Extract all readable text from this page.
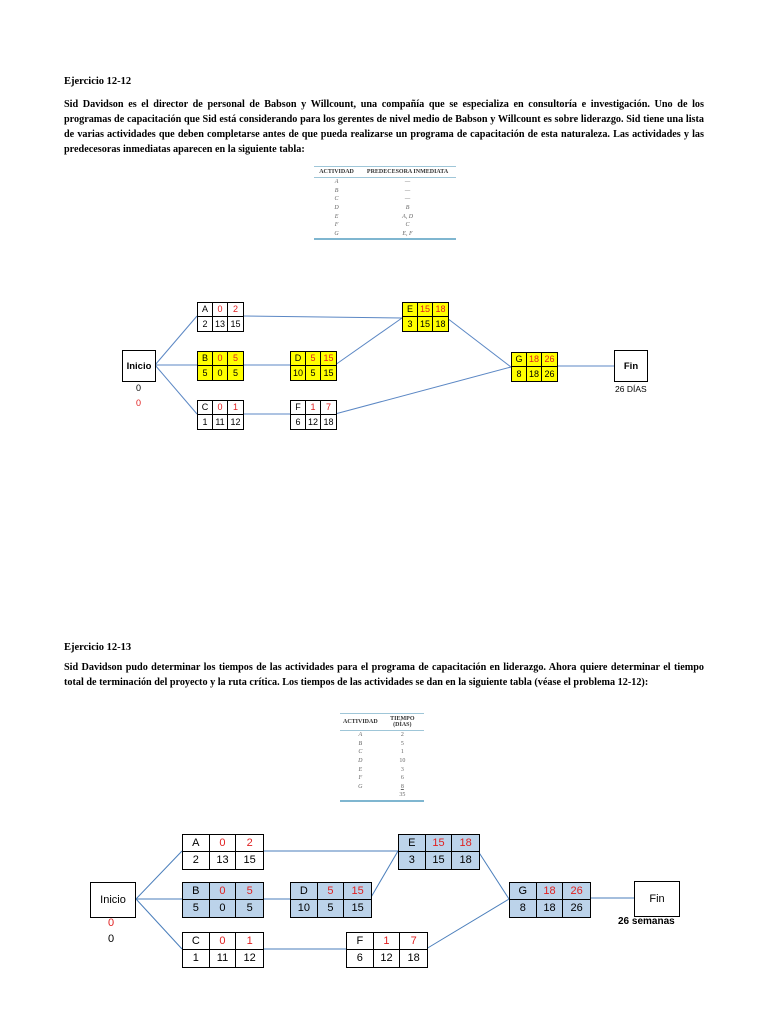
Ejercicio 12-12
Sid Davidson es el director de personal de Babson y Willcount, una compañía que se especializa en consultoría e investigación. Uno de los programas de capacitación que Sid está considerando para los gerentes de nivel medio de Babson y Willcount es sobre liderazgo. Sid tiene una lista de varias actividades que deben completarse antes de que pueda realizarse un programa de capacitación de esta naturaleza. Las actividades y las predecesoras inmediatas aparecen en la siguiente tabla:
ACTIVIDAD	PREDECESORA INMEDIATA
A	—
B	—
C	—
D	B
E	A, D
F	C
G	E, F
Inicio
0
0
Fin
26 DÍAS
A	0	2
2 13 15
B	0	5
5	0	5
C	0	1
1 11 12
D	5 15
10 5 15
E 15 18
3 15 18
F	1	7
6 12 18
G 18 26
8 18 26
Ejercicio 12-13
Sid Davidson pudo determinar los tiempos de las actividades para el programa de capacitación en liderazgo. Ahora quiere determinar el tiempo total de terminación del proyecto y la ruta crítica. Los tiempos de las actividades se dan en la siguiente tabla (véase el problema 12-12):
ACTIVIDAD	TIEMPO (DÍAS)
A	2
B	5
C	1
D	10
E	3
F	6
G	8
	35
Inicio
0
0
Fin
26 semanas
A	0	2
2	13	15
B	0	5
5	0	5
C	0	1
1	11	12
D	5	15
10	5	15
E	15	18
3	15	18
F	1	7
6	12	18
G	18	26
8	18	26
